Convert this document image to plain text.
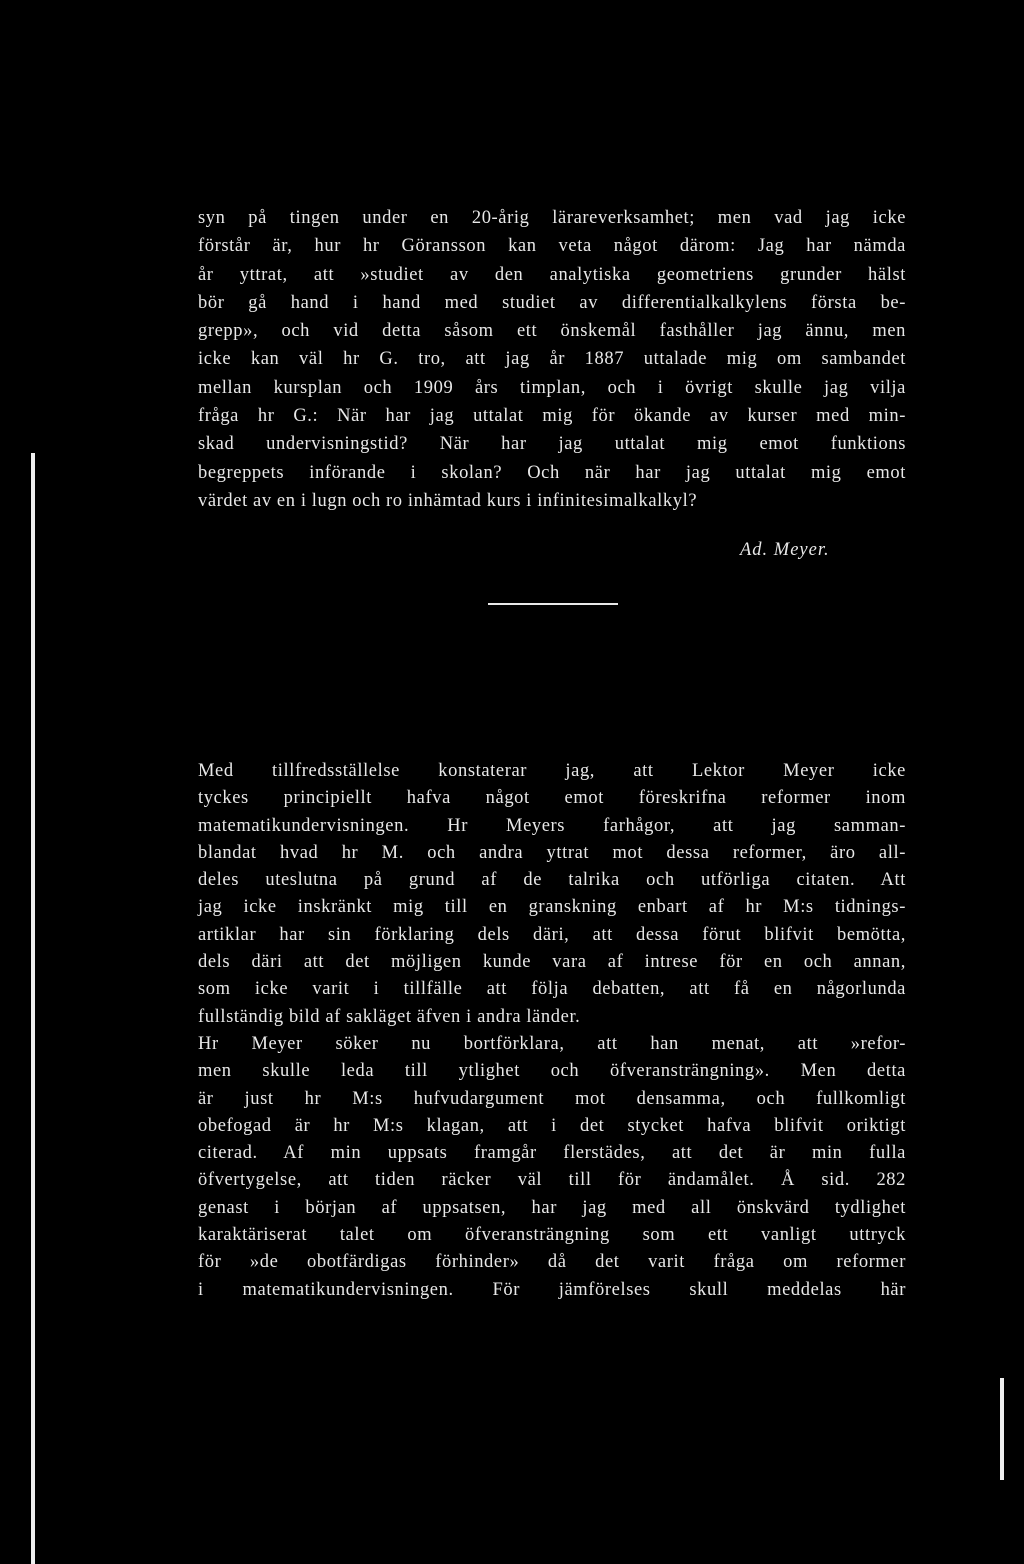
syn på tingen under en 20-årig lärareverksamhet; men vad jag icke
förstår är, hur hr Göransson kan veta något därom: Jag har nämda
år yttrat, att »studiet av den analytiska geometriens grunder hälst
bör gå hand i hand med studiet av differentialkalkylens första be-
grepp», och vid detta såsom ett önskemål fasthåller jag ännu, men
icke kan väl hr G. tro, att jag år 1887 uttalade mig om sambandet
mellan kursplan och 1909 års timplan, och i övrigt skulle jag vilja
fråga hr G.: När har jag uttalat mig för ökande av kurser med min-
skad undervisningstid? När har jag uttalat mig emot funktions
begreppets införande i skolan? Och när har jag uttalat mig emot
värdet av en i lugn och ro inhämtad kurs i infinitesimalkalkyl?
Ad. Meyer.
Med tillfredsställelse konstaterar jag, att Lektor Meyer icke
tyckes principiellt hafva något emot föreskrifna reformer inom
matematikundervisningen. Hr Meyers farhågor, att jag samman-
blandat hvad hr M. och andra yttrat mot dessa reformer, äro all-
deles uteslutna på grund af de talrika och utförliga citaten. Att
jag icke inskränkt mig till en granskning enbart af hr M:s tidnings-
artiklar har sin förklaring dels däri, att dessa förut blifvit bemötta,
dels däri att det möjligen kunde vara af intrese för en och annan,
som icke varit i tillfälle att följa debatten, att få en någorlunda
fullständig bild af sakläget äfven i andra länder.
Hr Meyer söker nu bortförklara, att han menat, att »refor-
men skulle leda till ytlighet och öfveransträngning». Men detta
är just hr M:s hufvudargument mot densamma, och fullkomligt
obefogad är hr M:s klagan, att i det stycket hafva blifvit oriktigt
citerad. Af min uppsats framgår flerstädes, att det är min fulla
öfvertygelse, att tiden räcker väl till för ändamålet. Å sid. 282
genast i början af uppsatsen, har jag med all önskvärd tydlighet
karaktäriserat talet om öfveransträngning som ett vanligt uttryck
för »de obotfärdigas förhinder» då det varit fråga om reformer
i matematikundervisningen. För jämförelses skull meddelas här
